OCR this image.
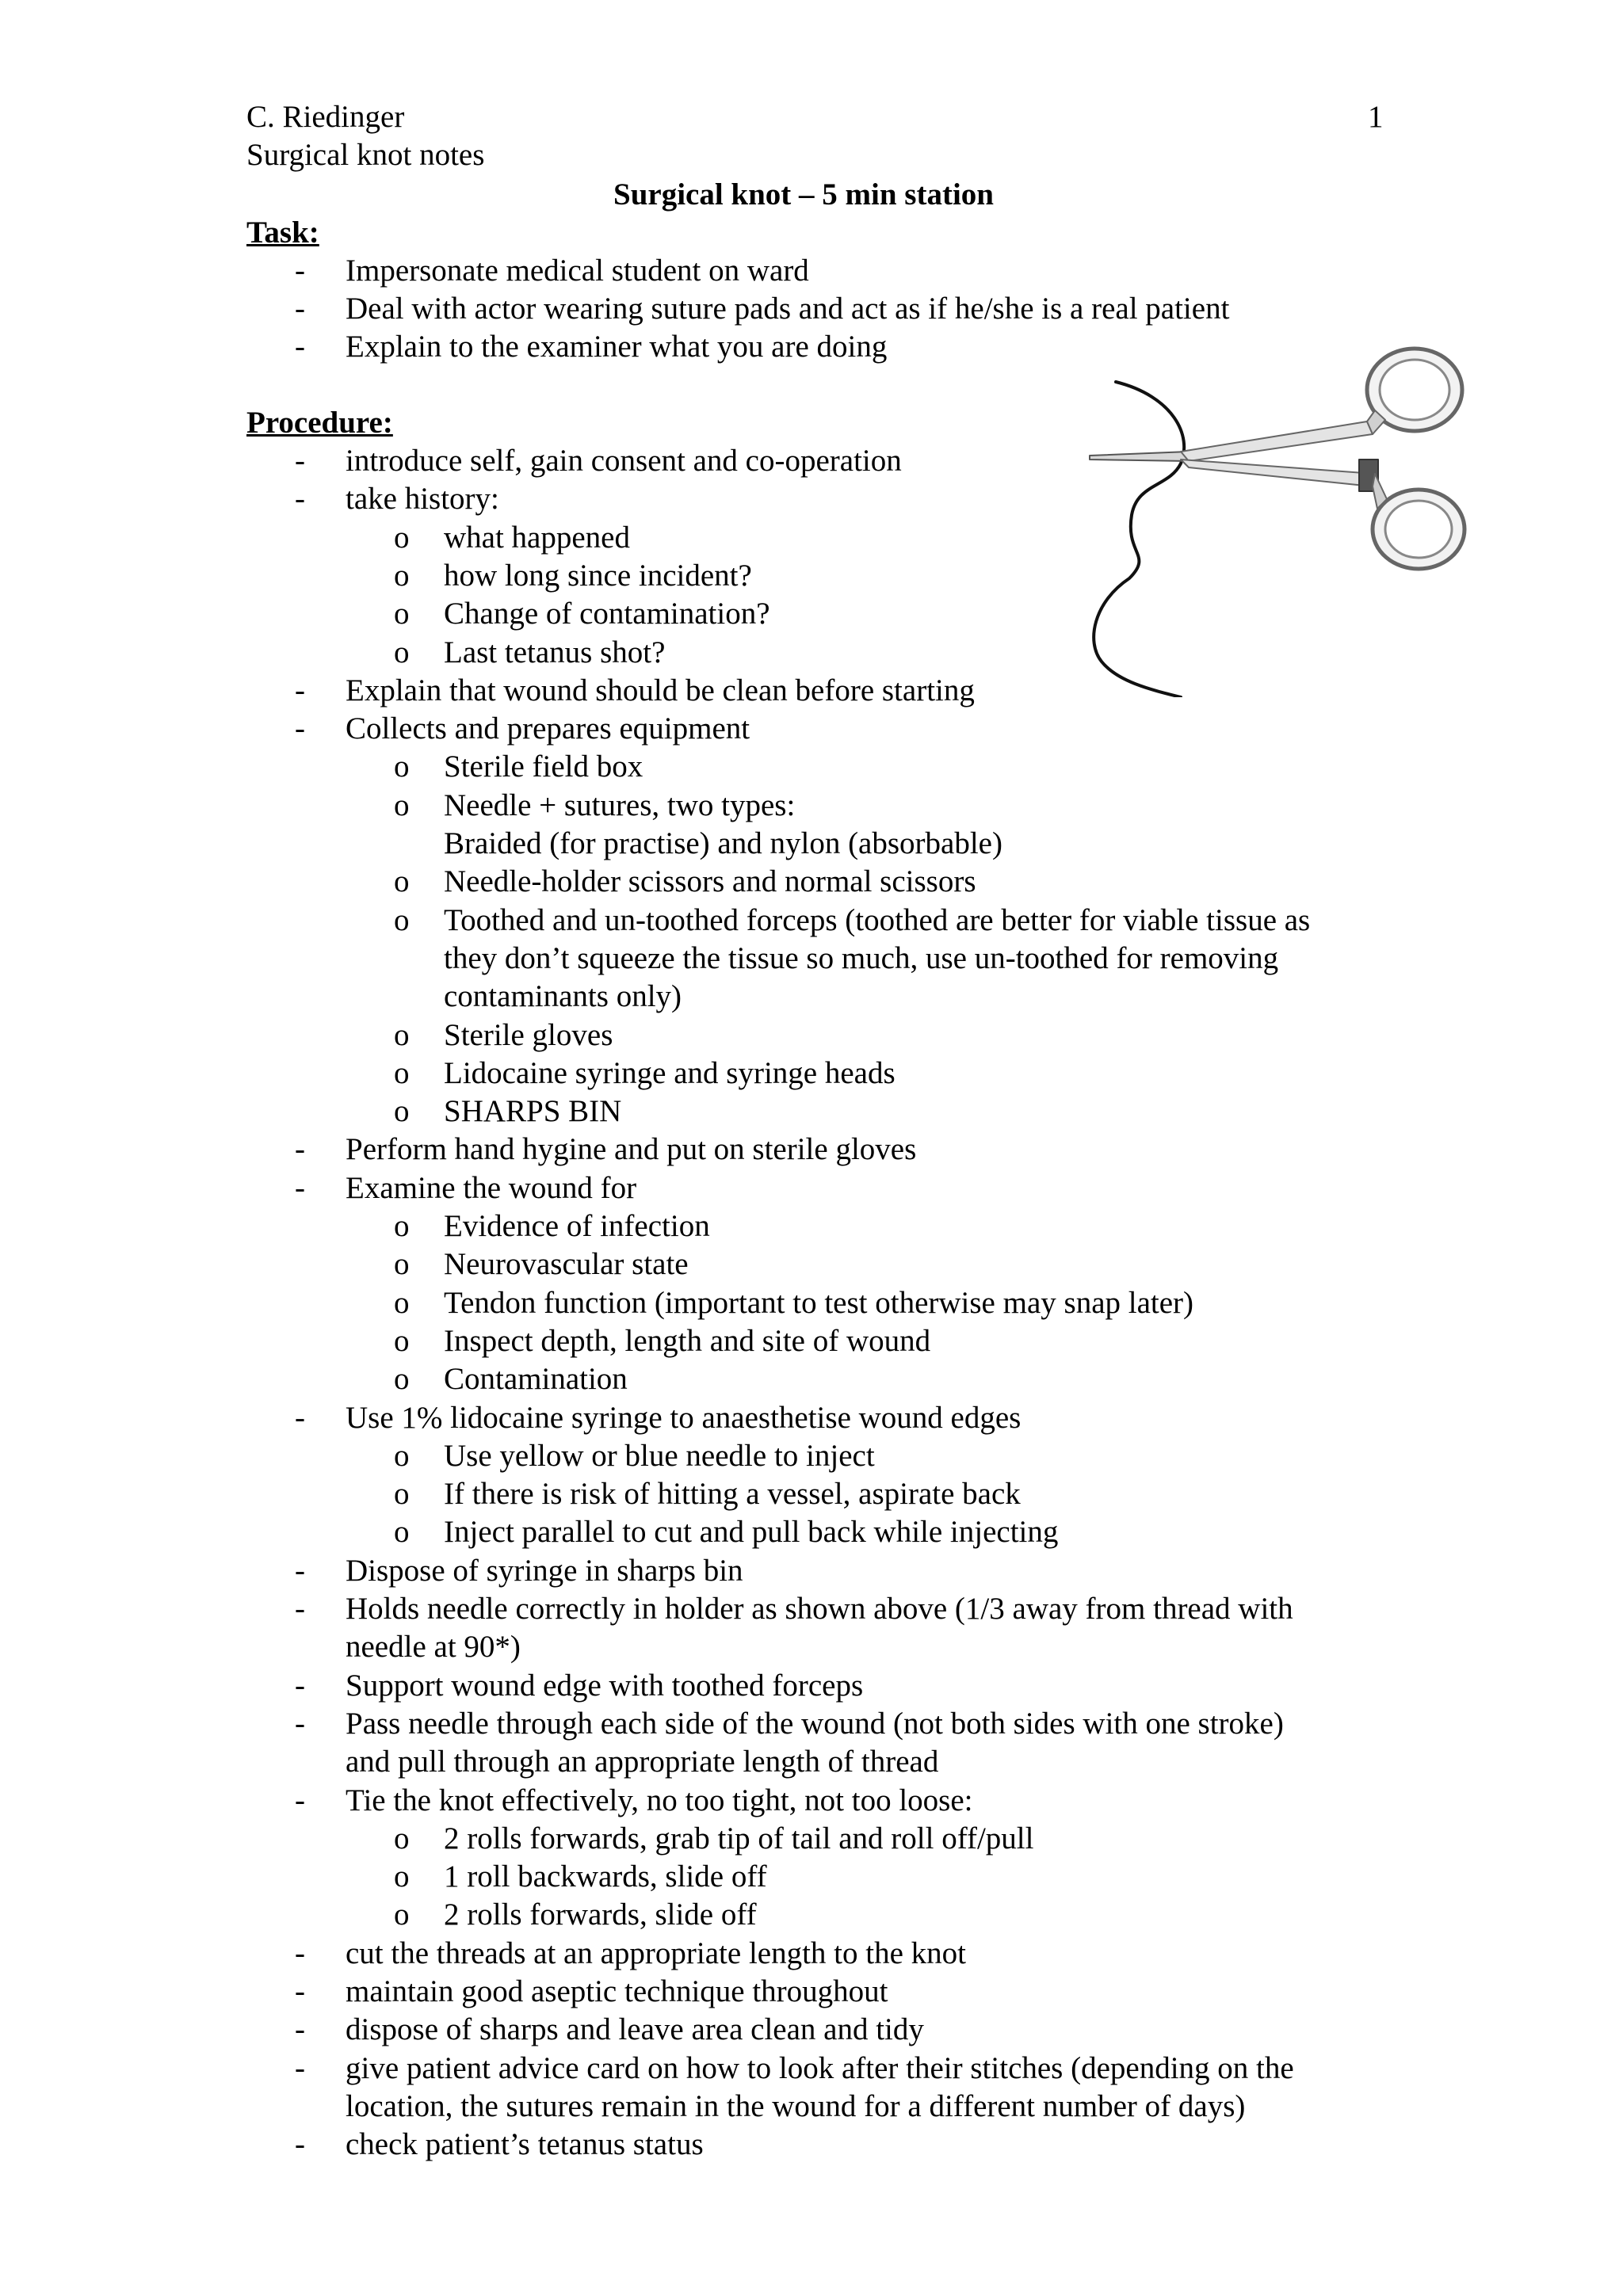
C. Riedinger	1
Surgical knot notes
Surgical knot – 5 min station
Task:
- Impersonate medical student on ward
- Deal with actor wearing suture pads and act as if he/she is a real patient
- Explain to the examiner what you are doing
Procedure:
- introduce self, gain consent and co-operation
- take history:
o what happened
o how long since incident?
o Change of contamination?
o Last tetanus shot?
- Explain that wound should be clean before starting
- Collects and prepares equipment
o Sterile field box
o Needle + sutures, two types:
Braided (for practise) and nylon (absorbable)
o Needle-holder scissors and normal scissors
o Toothed and un-toothed forceps (toothed are better for viable tissue as
they don’t squeeze the tissue so much, use un-toothed for removing
contaminants only)
o Sterile gloves
o Lidocaine syringe and syringe heads
o SHARPS BIN
- Perform hand hygine and put on sterile gloves
- Examine the wound for
o Evidence of infection
o Neurovascular state
o Tendon function (important to test otherwise may snap later)
o Inspect depth, length and site of wound
o Contamination
- Use 1% lidocaine syringe to anaesthetise wound edges
o Use yellow or blue needle to inject
o If there is risk of hitting a vessel, aspirate back
o Inject parallel to cut and pull back while injecting
- Dispose of syringe in sharps bin
- Holds needle correctly in holder as shown above (1/3 away from thread with
needle at 90*)
- Support wound edge with toothed forceps
- Pass needle through each side of the wound (not both sides with one stroke)
and pull through an appropriate length of thread
- Tie the knot effectively, no too tight, not too loose:
o 2 rolls forwards, grab tip of tail and roll off/pull
o 1 roll backwards, slide off
o 2 rolls forwards, slide off
- cut the threads at an appropriate length to the knot
- maintain good aseptic technique throughout
- dispose of sharps and leave area clean and tidy
- give patient advice card on how to look after their stitches (depending on the
location, the sutures remain in the wound for a different number of days)
- check patient’s tetanus status
